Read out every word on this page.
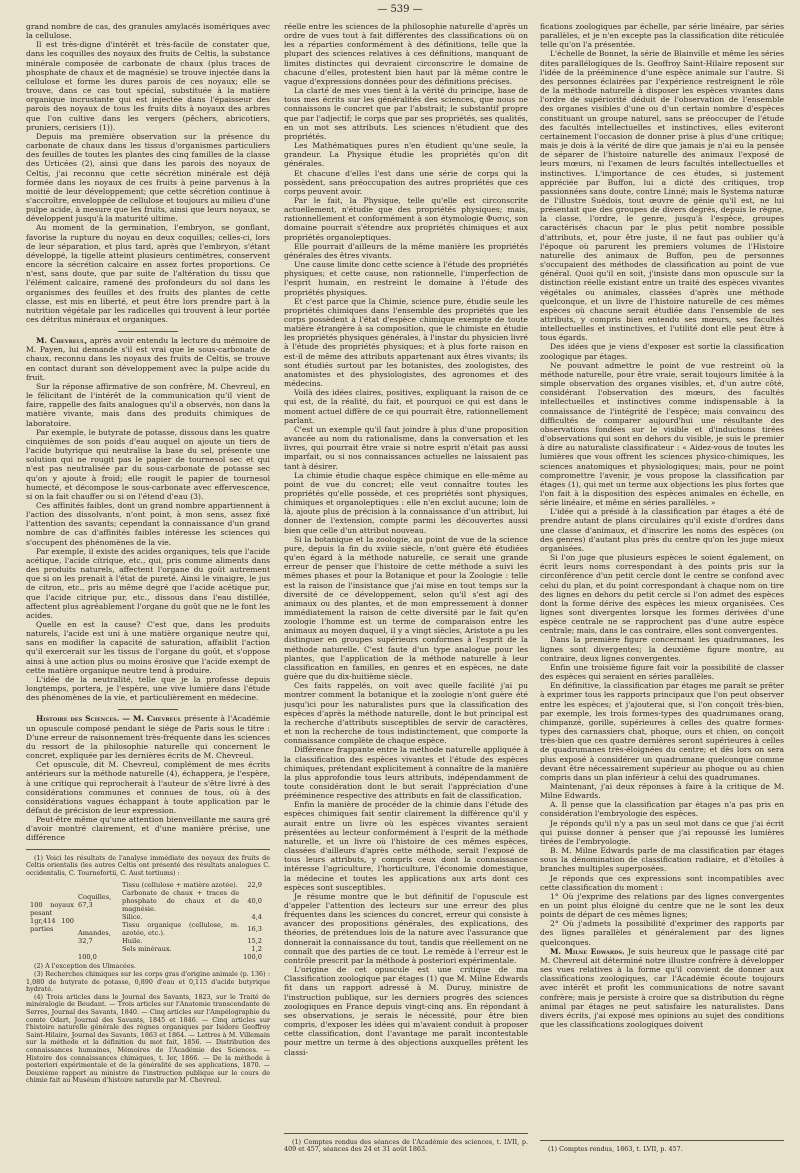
— 539 —

grand nombre de cas, des granules amylacés isomériques avec la cellulose.

Il est très-digne d'intérêt et très-facile de constater que, dans les coquilles des noyaux des fruits de Celtis, la substance minérale composée de carbonate de chaux (plus traces de phosphate de chaux et de magnésie) se trouve injectée dans la cellulose et forme les dures parois de ces noyaux; elle se trouve, dans ce cas tout spécial, substituée à la matière organique incrustante qui est injectée dans l'épaisseur des parois des noyaux de tous les fruits dits à noyaux des arbres que l'on cultive dans les vergers (pêchers, abricotiers, pruniers, cerisiers (1)).

Depuis ma première observation sur la présence du carbonate de chaux dans les tissus d'organismes particuliers des feuilles de toutes les plantes des cinq familles de la classe des Urticées (2), ainsi que dans les parois des noyaux de Celtis, j'ai reconnu que cette sécrétion minérale est déjà formée dans les noyaux de ces fruits à peine parvenus à la moitié de leur développement; que cette sécrétion continue à s'accroître, enveloppée de cellulose et toujours au milieu d'une pulpe acide, à mesure que les fruits, ainsi que leurs noyaux, se développent jusqu'à la maturité ultime.

Au moment de la germination, l'embryon, se gonflant, favorise la rupture du noyau en deux coquilles; celles-ci, lors de leur séparation, et plus tard, après que l'embryon, s'étant développé, la tigelle atteint plusieurs centimètres, conservent encore la sécrétion calcaire en assez fortes proportions. Ce n'est, sans doute, que par suite de l'altération du tissu que l'élément calcaire, ramené des profondeurs du sol dans les organismes des feuilles et des fruits des plantes de cette classe, est mis en liberté, et peut être lors prendre part à la nutrition végétale par les radicelles qui trouvent à leur portée ces détritus minéraux et organiques.

M. Chevreul, après avoir entendu la lecture du mémoire de M. Payen, lui demande s'il est vrai que le sous-carbonate de chaux, reconnu dans les noyaux des fruits de Celtis, se trouve en contact durant son développement avec la pulpe acide du fruit.

Sur la réponse affirmative de son confrère, M. Chevreul, en le félicitant de l'intérêt de la communication qu'il vient de faire, rappelle des faits analogues qu'il a observés, non dans la matière vivante, mais dans des produits chimiques de laboratoire.

Par exemple, le butyrate de potasse, dissous dans les quatre cinquièmes de son poids d'eau auquel on ajoute un tiers de l'acide butyrique qui neutralise la base du sel, présente une solution qui ne rougit pas le papier de tournesol sec et qui n'est pas neutralisée par du sous-carbonate de potasse sec qu'on y ajoute à froid; elle rougit le papier de tournesol humecté, et décompose le sous-carbonate avec effervescence, si on la fait chauffer ou si on l'étend d'eau (3).

Ces affinités faibles, dont un grand nombre appartiennent à l'action des dissolvants, n'ont point, à mon sens, assez fixé l'attention des savants; cependant la connaissance d'un grand nombre de cas d'affinités faibles intéresse les sciences qui s'occupent des phénomènes de la vie.

Par exemple, il existe des acides organiques, tels que l'acide acétique, l'acide citrique, etc., qui, pris comme aliments dans des produits naturels, affectent l'organe du goût autrement que si on les prenait à l'état de pureté. Ainsi le vinaigre, le jus de citron, etc., pris au même degré que l'acide acétique pur, que l'acide citrique pur, etc., dissous dans l'eau distillée, affectent plus agréablement l'organe du goût que ne le font les acides.

Quelle en est la cause? C'est que, dans les produits naturels, l'acide est uni à une matière organique neutre qui, sans en modifier la capacité de saturation, affaiblit l'action qu'il exercerait sur les tissus de l'organe du goût, et s'oppose ainsi à une action plus ou moins érosive que l'acide exempt de cette matière organique neutre tend à produire.

L'idée de la neutralité, telle que je la professe depuis longtemps, portera, je l'espère, une vive lumière dans l'étude des phénomènes de la vie, et particulièrement en médecine.

Histoire des Sciences. — M. Chevreul présente à l'Académie un opuscule composé pendant le siége de Paris sous le titre : D'une erreur de raisonnement très-fréquente dans les sciences du ressort de la philosophie naturelle qui concernent le concret, expliquée par les dernières écrits de M. Chevreul.

Cet opuscule, dit M. Chevreul, complément de mes écrits antérieurs sur la méthode naturelle (4), échappera, je l'espère, à une critique qui reprocherait à l'auteur de s'être livré à des considérations communes et connues de tous, où à des considérations vagues échappant à toute application par le défaut de précision de leur expression.

Peut-être même qu'une attention bienveillante me saura gré d'avoir montré clairement, et d'une manière précise, une différence

(1) Voici les résultats de l'analyse immédiate des noyaux des fruits de Celtis orientalis (les autres Celtis ont présenté des résultats analogues C. occidentalis, C. Tournefortii, C. Aust tertiums) :

100 noyaux pesant 1gr,414 100 parties	Coquilles, 67,3	Tissu (cellulose + matière azotée).	22,9
		Carbonate de chaux + traces de phosphate de chaux et de magnésie.	40,0
		Silice.	4,4
	Amandes, 32,7	Tissu organique (cellulose, m. azotée, etc.).	16,3
		Huile.	15,2
		Sels minéraux.	1,2
	100,0		100,0

(2) A l'exception des Ulmacées.

(3) Recherches chimiques sur les corps gras d'origine animale (p. 136) : 1,080 de butyrate de potasse, 0,890 d'eau et 0,115 d'acide butyrique hydraté.

(4) Trois articles dans le Journal des Savants, 1823, sur le Traité de minéralogie de Beudant. — Trois articles sur l'Anatomie transcendante de Serres, Journal des Savants, 1840. — Cinq articles sur l'Ampélographie du comte Odart, Journal des Savants, 1845 et 1846. — Cinq articles sur l'histoire naturelle générale des règnes organiques par Isidore Geoffroy Saint-Hilaire, Journal des Savants, 1863 et 1864. — Lettres à M. Villemain sur la méthode et la définition du mot fait, 1856. — Distribution des connaissances humaines, Mémoires de l'Académie des Sciences. — Histoire des connaissances chimiques, t. Ier, 1866. — De la méthode à posteriori expérimentale et de la généralité de ses applications, 1870. — Deuxième rapport au ministre de l'instruction publique sur le cours de chimie fait au Muséum d'histoire naturelle par M. Chevreul.

réelle entre les sciences de la philosophie naturelle d'après un ordre de vues tout à fait différentes des classifications où on les a réparties conformément à des définitions, telle que la plupart des sciences relatives à ces définitions, manquant de limites distinctes qui devraient circonscrire le domaine de chacune d'elles, protestent bien haut par là même contre le vague d'expressions données pour des définitions précises.

La clarté de mes vues tient à la vérité du principe, base de tous mes écrits sur les généralités des sciences, que nous ne connaissons le concret que par l'abstrait; le substantif propre que par l'adjectif; le corps que par ses propriétés, ses qualités, en un mot ses attributs. Les sciences n'étudient que des propriétés.

Les Mathématiques pures n'en étudient qu'une seule, la grandeur. La Physique étudie les propriétés qu'on dit générales.

Et chacune d'elles l'est dans une série de corps qui la possèdent, sans préoccupation des autres propriétés que ces corps peuvent avoir.

Par le fait, la Physique, telle qu'elle est circonscrite actuellement, n'étudie que des propriétés physiques; mais, rationnellement et conformément à son étymologie Φυσις, son domaine pourrait s'étendre aux propriétés chimiques et aux propriétés organoleptiques.

Elle pourrait d'ailleurs de la même manière les propriétés générales des êtres vivants.

Une cause limite donc cette science à l'étude des propriétés physiques; et cette cause, non rationnelle, l'imperfection de l'esprit humain, en restreint le domaine à l'étude des propriétés physiques.

Et c'est parce que la Chimie, science pure, étudie seule les propriétés chimiques dans l'ensemble des propriétés que les corps possèdent à l'état d'espèce chimique exempte de toute matière étrangère à sa composition, que le chimiste en étudie les propriétés physiques générales, à l'instar du physicien livré à l'étude des propriétés physiques; et à plus forte raison en est-il de même des attributs appartenant aux êtres vivants; ils sont étudiés surtout par les botanistes, des zoologistes, des anatomistes et des physiologistes, des agronomes et des médecins.

Voilà des idées claires, positives, expliquant la raison de ce qui est, de la réalité, du fait, et pourquoi ce qui est dans le moment actuel diffère de ce qui pourrait être, rationnellement parlant.

C'est un exemple qu'il faut joindre à plus d'une proposition avancée au nom du rationalisme, dans la conversation et les livres, qui pourrait être vraie si notre esprit n'était pas aussi imparfait, ou si nos connaissances actuelles ne laissaient pas tant à désirer.

La chimie étudie chaque espèce chimique en elle-même au point de vue du concret; elle veut connaître toutes les propriétés qu'elle possède, et ces propriétés sont physiques, chimiques et organoleptiques : elle n'en exclut aucune; loin de là, ajoute plus de précision à la connaissance d'un attribut, lui donner de l'extension, compte parmi les découvertes aussi bien que celle d'un attribut nouveau.

Si la botanique et la zoologie, au point de vue de la science pure, depuis la fin du xviiie siècle, n'ont guère été étudiées qu'en égard à la méthode naturelle, ce serait une grande erreur de penser que l'histoire de cette méthode a suivi les mêmes phases et pour la Botanique et pour la Zoologie : telle est la raison de l'insistance que j'ai mise en tout temps sur la diversité de ce développement, selon qu'il s'est agi des animaux ou des plantes, et de mon empressement à donner immédiatement la raison de cette diversité par le fait qu'en zoologie l'homme est un terme de comparaison entre les animaux au moyen duquel, il y a vingt siècles, Aristote a pu les distinguer en groupes supérieurs conformes à l'esprit de la méthode naturelle. C'est faute d'un type analogue pour les plantes, que l'application de la méthode naturelle à leur classification en familles, en genres et en espèces, ne date guère que du dix-huitième siècle.

Ces faits rappelés, on voit avec quelle facilité j'ai pu montrer comment la botanique et la zoologie n'ont guère été jusqu'ici pour les naturalistes purs que la classification des espèces d'après la méthode naturelle, dont le but principal est la recherche d'attributs susceptibles de servir de caractères, et non la recherche de tous indistinctement, que comporte la connaissance complète de chaque espèce.

Différence frappante entre la méthode naturelle appliquée à la classification des espèces vivantes et l'étude des espèces chimiques, prétendant explicitement à connaître de la manière la plus approfondie tous leurs attributs, indépendamment de toute considération dont le but serait l'appréciation d'une prééminence respective des attributs en fait de classification.

Enfin la manière de procéder de la chimie dans l'étude des espèces chimiques fait sentir clairement la différence qu'il y aurait entre un livre où les espèces vivantes seraient présentées au lecteur conformément à l'esprit de la méthode naturelle, et un livre où l'histoire de ces mêmes espèces, classées d'ailleurs d'après cette méthode, serait l'exposé de tous leurs attributs, y compris ceux dont la connaissance intéresse l'agriculture, l'horticulture, l'économie domestique, la médecine et toutes les applications aux arts dont ces espèces sont susceptibles.

Je résume montre que le but définitif de l'opuscule est d'appeler l'attention des lecteurs sur une erreur des plus fréquentes dans les sciences du concret, erreur qui consiste à avancer des propositions générales, des explications, des théories, de prétendues lois de la nature avec l'assurance que donnerait la connaissance du tout, tandis que réellement on ne connaît que des parties de ce tout. Le remède à l'erreur est le contrôle prescrit par la méthode à posteriori expérimentale.

L'origine de cet opuscule est une critique de ma Classification zoologique par étages (1) que M. Milne Edwards fit dans un rapport adressé à M. Duruy, ministre de l'instruction publique, sur les derniers progrès des sciences zoologiques en France depuis vingt-cinq ans. En répondant à ses observations, je serais le nécessité, pour être bien compris, d'exposer les idées qui m'avaient conduit à proposer cette classification, dont l'avantage me paraît incontestable pour mettre un terme à des objections auxquelles prêtent les classi-

(1) Comptes rendus des séances de l'Académie des sciences, t. LVII, p. 409 et 457, séances des 24 et 31 août 1863.

fications zoologiques par échelle, par série linéaire, par séries parallèles, et je n'en excepte pas la classification dite réticulée telle qu'on l'a présentée.

L'échelle de Bonnet, la série de Blainville et même les séries dites parallélogiques de Is. Geoffroy Saint-Hilaire reposent sur l'idée de la prééminence d'une espèce animale sur l'autre. Si des personnes éclairées par l'expérience restreignent le rôle de la méthode naturelle à disposer les espèces vivantes dans l'ordre de supériorité déduit de l'observation de l'ensemble des organes visibles d'une ou d'un certain nombre d'espèces constituant un groupe naturel, sans se préoccuper de l'étude des facultés intellectuelles et instinctives, elles eviteront certainement l'occasion de donner prise à plus d'une critique; mais je dois à la vérité de dire que jamais je n'ai eu la pensée de séparer de l'histoire naturelle des animaux l'exposé de leurs mœurs, ni l'examen de leurs facultés intellectuelles et instinctives. L'importance de ces études, si justement appréciée par Buffon, lui a dicté des critiques, trop passionnées sans doute, contre Linné; mais le Systema naturæ de l'illustre Suédois, tout œuvre de génie qu'il est, ne lui présentait que des groupes de divers degrés, depuis le règne, la classe, l'ordre, le genre, jusqu'à l'espèce, groupes caractérisés chacun par le plus petit nombre possible d'attributs, et, pour être juste, il ne faut pas oublier qu'à l'époque où parurent les premiers volumes de l'Histoire naturelle des animaux de Buffon, peu de personnes s'occupaient des méthodes de classification au point de vue général. Quoi qu'il en soit, j'insiste dans mon opuscule sur la distinction réelle existant entre un traité des espèces vivantes végétales ou animales, classées d'après une méthode quelconque, et un livre de l'histoire naturelle de ces mêmes espèces où chacune serait étudiée dans l'ensemble de ses attributs, y compris bien entendu ses mœurs, ses facultés intellectuelles et instinctives, et l'utilité dont elle peut être à tous égards.

Des idées que je viens d'exposer est sortie la classification zoologique par étages.

Ne pouvant admettre le point de vue restreint où la méthode naturelle, pour être vraie, serait toujours limitée à la simple observation des organes visibles, et, d'un autre côté, considérant l'observation des mœurs, des facultés intellectuelles et instinctives comme indispensable à la connaissance de l'intégrité de l'espèce; mais convaincu des difficultés de comparer aujourd'hui une résultante des observations fondées sur le visible et d'inductions tirées d'observations qui sont en dehors du visible, je suis le premier à dire au naturaliste classificateur : « Aidez-vous de toutes les lumières que vous offrent les sciences physico-chimiques, les sciences anatomiques et physiologiques; mais, pour ne point compromettre l'avenir, je vous propose la classification par étages (1), qui met un terme aux objections les plus fortes que l'on fait à la disposition des espèces animales en échelle, en série linéaire, et même en séries parallèles. »

L'idée qui a présidé à la classification par étages a été de prendre autant de plans circulaires qu'il existe d'ordres dans une classe d'animaux, et d'inscrire les noms des espèces (ou des genres) d'autant plus près du centre qu'on les juge mieux organisées.

Si l'on juge que plusieurs espèces le soient également, on écrit leurs noms correspondant à des points pris sur la circonférence d'un petit cercle dont le centre se confond avec celui du plan, et du point correspondant à chaque nom on tire des lignes en dehors du petit cercle si l'on admet des espèces dont la forme dérive des espèces les mieux organisées. Ces lignes sont divergentes lorsque les formes dérivées d'une espèce centrale ne se rapprochent pas d'une autre espèce centrale; mais, dans le cas contraire, elles sont convergentes.

Dans la première figure concernant les quadrumanes, les lignes sont divergentes; la deuxième figure montre, au contraire, deux lignes convergentes.

Enfin une troisième figure fait voir la possibilité de classer des espèces qui seraient en séries parallèles.

En définitive, la classification par étages me paraît se prêter à exprimer tous les rapports principaux que l'on peut observer entre les espèces; et j'ajouterai que, si l'on conçoit très-bien, par exemple, les trois formes-types des quadrumanes orang, chimpanzé, gorille, supérieures à celles des quatre formes-types des carnassiers chat, phoque, ours et chien, on conçoit très-bien que ces quatre dernières seront supérieures à celles de quadrumanes très-éloignées du centre; et dès lors on sera plus exposé à considérer un quadrumane quelconque comme devant être nécessairement supérieur au phoque ou au chien compris dans un plan inférieur à celui des quadrumanes.

Maintenant, j'ai deux réponses à faire à la critique de M. Milne Edwards.

A. Il pense que la classification par étages n'a pas pris en considération l'embryologie des espèces.

Je réponds qu'il n'y a pas un seul mot dans ce que j'ai écrit qui puisse donner à penser que j'ai repoussé les lumières tirées de l'embryologie.

B. M. Milne Edwards parle de ma classification par étages sous la dénomination de classification radiaire, et d'étoiles à branches multiples superposées.

Je réponds que ces expressions sont incompatibles avec cette classification du moment :

1° Où j'exprime des relations par des lignes convergentes en un point plus éloigné du centre que ne le sont les deux points de départ de ces mêmes lignes;

2° Où j'admets la possibilité d'exprimer des rapports par des lignes parallèles et généralement par des lignes quelconques.

M. Milne Edwards. Je suis heureux que le passage cité par M. Chevreul ait déterminé notre illustre confrère à développer ses vues relatives à la forme qu'il convient de donner aux classifications zoologiques, car l'Académie écoute toujours avec intérêt et profit les communications de notre savant confrère; mais je persiste à croire que sa distribution du règne animal par étages ne peut satisfaire les naturalistes. Dans divers écrits, j'ai exposé mes opinions au sujet des conditions que les classifications zoologiques doivent

(1) Comptes rendus, 1863, t. LVII, p. 457.
